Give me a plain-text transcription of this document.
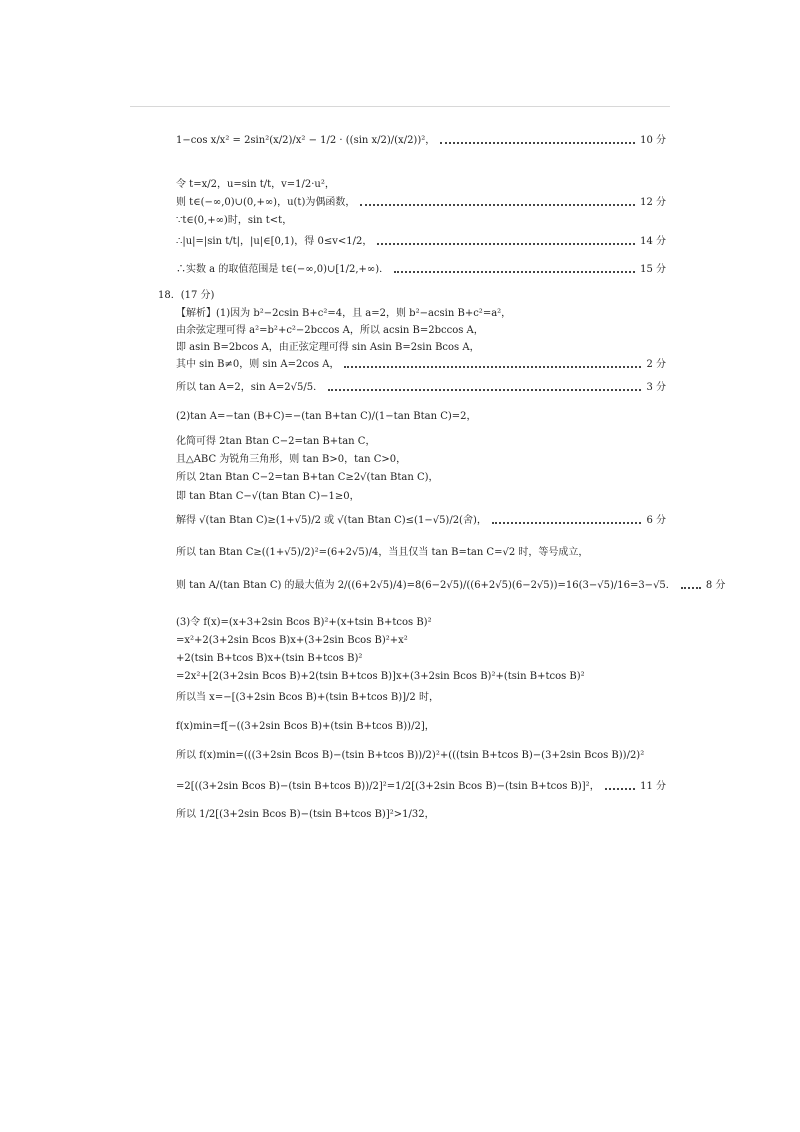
1−cos x/x² = 2sin²(x/2)/x² − 1/2 · ((sin x/2)/(x/2))²，	10 分
令 t=x/2，u=sin t/t，v=1/2·u²，
则 t∈(−∞,0)∪(0,+∞)，u(t)为偶函数，	12 分
∵t∈(0,+∞)时，sin t<t，
∴|u|=|sin t/t|，|u|∈[0,1)，得 0≤v<1/2，	14 分
∴实数 a 的取值范围是 t∈(−∞,0)∪[1/2,+∞)．	15 分
18．(17 分)
【解析】(1)因为 b²−2csin B+c²=4，且 a=2，则 b²−acsin B+c²=a²，
由余弦定理可得 a²=b²+c²−2bccos A，所以 acsin B=2bccos A，
即 asin B=2bcos A，由正弦定理可得 sin Asin B=2sin Bcos A，
其中 sin B≠0，则 sin A=2cos A，	2 分
所以 tan A=2，sin A=2√5/5．	3 分
(2)tan A=−tan (B+C)=−(tan B+tan C)/(1−tan Btan C)=2，
化简可得 2tan Btan C−2=tan B+tan C，
且△ABC 为锐角三角形，则 tan B>0，tan C>0，
所以 2tan Btan C−2=tan B+tan C≥2√(tan Btan C)，
即 tan Btan C−√(tan Btan C)−1≥0，
解得 √(tan Btan C)≥(1+√5)/2 或 √(tan Btan C)≤(1−√5)/2(舍)，	6 分
所以 tan Btan C≥((1+√5)/2)²=(6+2√5)/4，当且仅当 tan B=tan C=√2 时，等号成立，
则 tan A/(tan Btan C) 的最大值为 2/((6+2√5)/4)=8(6−2√5)/((6+2√5)(6−2√5))=16(3−√5)/16=3−√5．	8 分
(3)令 f(x)=(x+3+2sin Bcos B)²+(x+tsin B+tcos B)²
=x²+2(3+2sin Bcos B)x+(3+2sin Bcos B)²+x²
+2(tsin B+tcos B)x+(tsin B+tcos B)²
=2x²+[2(3+2sin Bcos B)+2(tsin B+tcos B)]x+(3+2sin Bcos B)²+(tsin B+tcos B)²
所以当 x=−[(3+2sin Bcos B)+(tsin B+tcos B)]/2 时，
f(x)min=f[−((3+2sin Bcos B)+(tsin B+tcos B))/2]，
所以 f(x)min=(((3+2sin Bcos B)−(tsin B+tcos B))/2)²+(((tsin B+tcos B)−(3+2sin Bcos B))/2)²
=2[((3+2sin Bcos B)−(tsin B+tcos B))/2]²=1/2[(3+2sin Bcos B)−(tsin B+tcos B)]²，	11 分
所以 1/2[(3+2sin Bcos B)−(tsin B+tcos B)]²>1/32，
